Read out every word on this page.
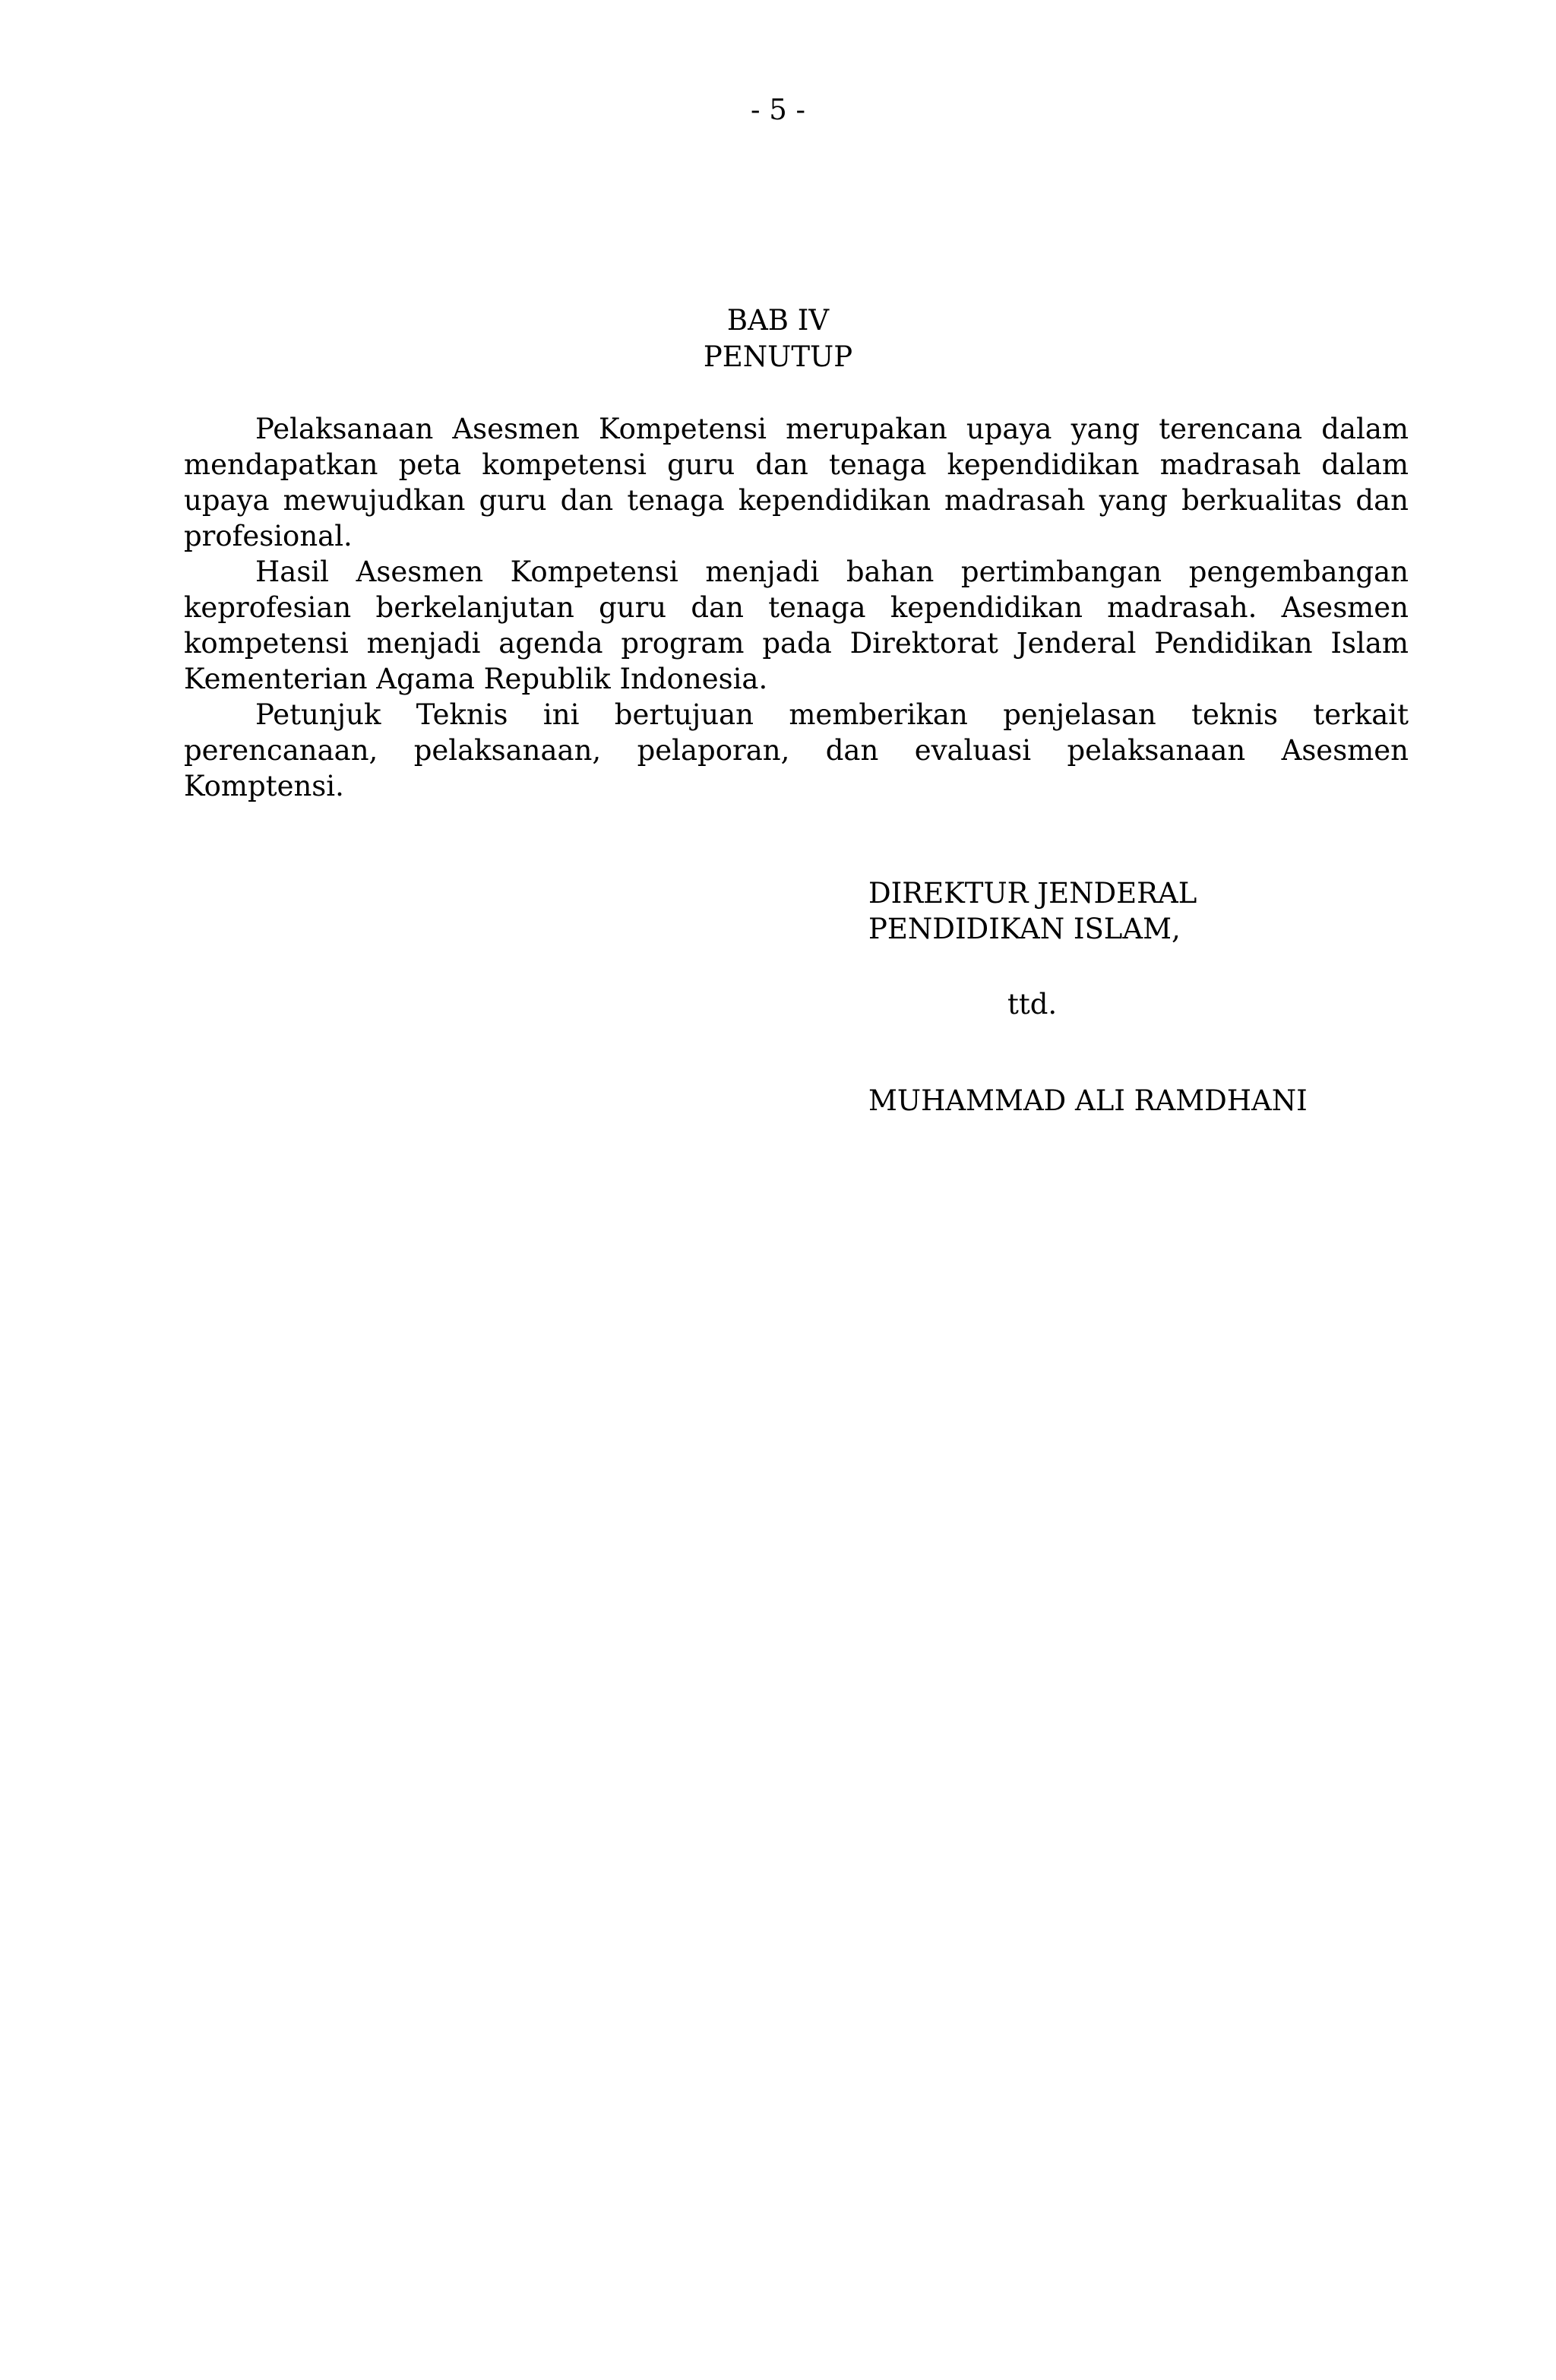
- 5 -
BAB IV
PENUTUP

Pelaksanaan Asesmen Kompetensi merupakan upaya yang terencana dalam mendapatkan peta kompetensi guru dan tenaga kependidikan madrasah dalam upaya mewujudkan guru dan tenaga kependidikan madrasah yang berkualitas dan profesional.

Hasil Asesmen Kompetensi menjadi bahan pertimbangan pengembangan keprofesian berkelanjutan guru dan tenaga kependidikan madrasah. Asesmen kompetensi menjadi agenda program pada Direktorat Jenderal Pendidikan Islam Kementerian Agama Republik Indonesia.

Petunjuk Teknis ini bertujuan memberikan penjelasan teknis terkait perencanaan, pelaksanaan, pelaporan, dan evaluasi pelaksanaan Asesmen Komptensi.

DIREKTUR JENDERAL
PENDIDIKAN ISLAM,
ttd.
MUHAMMAD ALI RAMDHANI
